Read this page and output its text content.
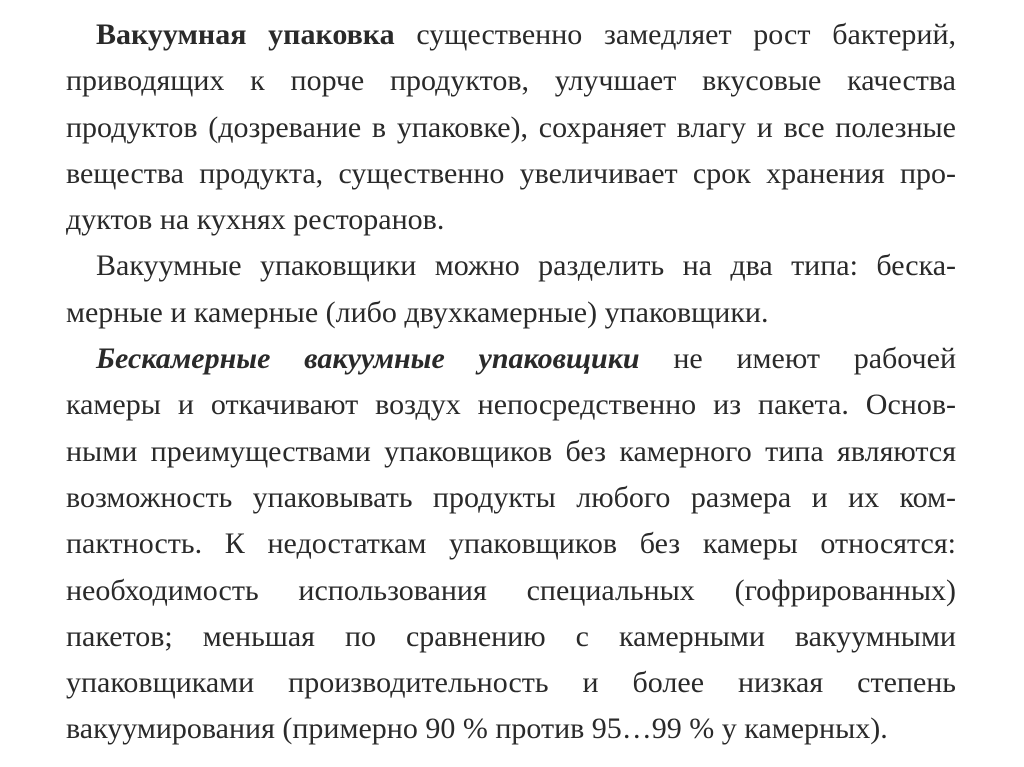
Вакуумная упаковка существенно замедляет рост бактерий,
приводящих к порче продуктов, улучшает вкусовые качества
продуктов (дозревание в упаковке), сохраняет влагу и все полезные
вещества продукта, существенно увеличивает срок хранения про-
дуктов на кухнях ресторанов.
Вакуумные упаковщики можно разделить на два типа: беска-
мерные и камерные (либо двухкамерные) упаковщики.
Бескамерные вакуумные упаковщики не имеют рабочей
камеры и откачивают воздух непосредственно из пакета. Основ-
ными преимуществами упаковщиков без камерного типа являются
возможность упаковывать продукты любого размера и их ком-
пактность. К недостаткам упаковщиков без камеры относятся:
необходимость использования специальных (гофрированных)
пакетов; меньшая по сравнению с камерными вакуумными
упаковщиками производительность и более низкая степень
вакуумирования (примерно 90 % против 95…99 % у камерных).
